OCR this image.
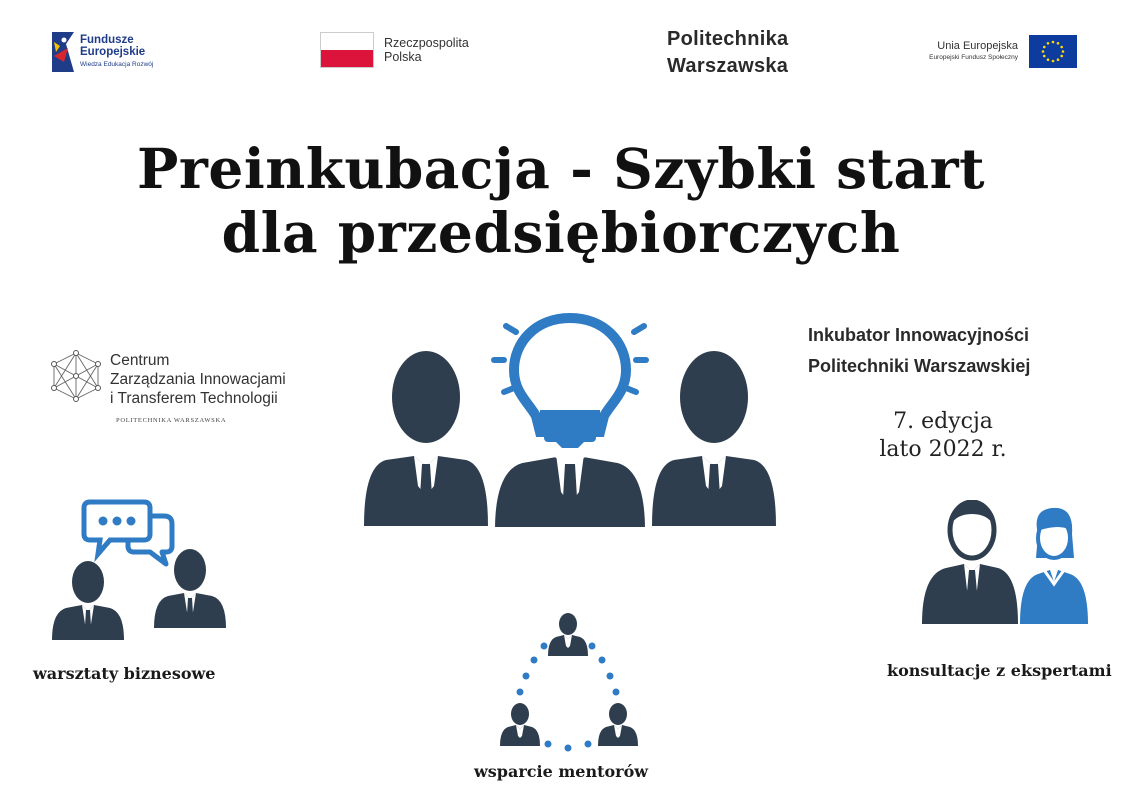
Fundusze
Europejskie
Wiedza Edukacja Rozwój
Rzeczpospolita
Polska
Politechnika
Warszawska
Unia Europejska
Europejski Fundusz Społeczny
Preinkubacja - Szybki start
dla przedsiębiorczych
Centrum
Zarządzania Innowacjami
i Transferem Technologii
POLITECHNIKA WARSZAWSKA
Inkubator Innowacyjności
Politechniki Warszawskiej
7. edycja
lato 2022 r.
warsztaty biznesowe	konsultacje z ekspertami
wsparcie mentorów
